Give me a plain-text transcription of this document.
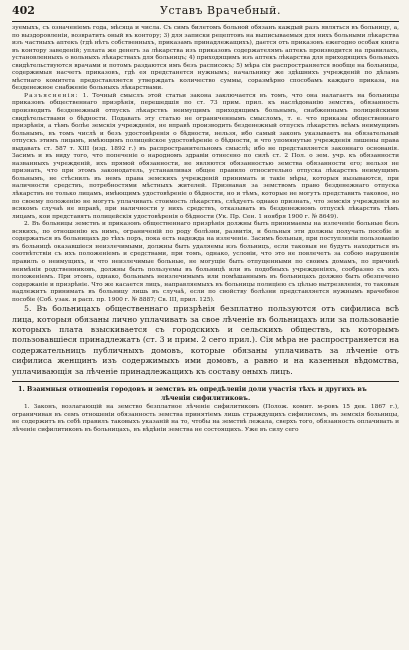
402	Уставъ Врачебный.

зуемыхъ, съ означеніемъ года, мѣсяца и числа. Съ симъ билетомъ больной обязанъ каждый разъ являться въ больницу, а, по выздоровленіи, возвратить оный въ контору; 3) для записки рецептовъ на выписываемыя для нихъ больными лѣкарства изъ частныхъ аптекъ (гдѣ нѣтъ собственныхъ, приказамъ принадлежащихъ), дается отъ приказовъ ежегодно особая книга въ контору заведеній; уплата же денегъ за лѣкарства изъ приказовъ содержателямъ аптекъ производится на правилахъ, установленныхъ о вольныхъ лѣкарствахъ для больницъ; 4) приходящимъ изъ аптекъ лѣкарства для приходящихъ больныхъ свидѣтельствуются врачами и потомъ раздаются имъ безъ расписокъ; 5) мѣра сія распространяется вообще на больницы, содержимыя насчетъ приказовъ, гдѣ ея предстанется нужнымъ; начальнику же здѣшнихъ учрежденій по дѣламъ мѣстнаго комитета предоставляется утверждать количество суммы, соразмѣрно способамъ каждаго приказа, на безденежное снабженіе больныхъ лѣкарствами.

Разъясненія: 1. Точный смыслъ этой статьи закона заключается въ томъ, что она налагаетъ на больницы приказовъ общественнаго призрѣнія, перешедшія по ст. 73 прим. прил. къ наслѣдованію земствъ, обязанность производить безденежный отпускъ лѣкарствъ неимущимъ приходящимъ больнымъ, снабженнымъ полицейскими свидѣтельствами о бѣдности. Подавать эту статью не ограниченнымъ смысломъ, т. е. что приказы общественнаго призрѣнія, а тѣмъ болѣе земскія учрежденія, не вправѣ производить безденежный отпускъ лѣкарствъ всѣмъ неимущимъ больнымъ, въ томъ числѣ и безъ удостовѣренія о бѣдности, нельзя, ибо самый законъ указываетъ на обязательный отпускъ этимъ лицамъ, имѣющимъ полицейское удостовѣреніе о бѣдности, и что упомянутые учрежденія лишены права выдавать ст. 587 т. XIII (изд. 1892 г.) въ распространительномъ смыслѣ; ибо не представляется законнаго основанія. Засимъ и въ виду того, что попеченіе о народномъ здравіи отнесено по силѣ ст. 2 Пол. о зем. учр. къ обязанности названныхъ учрежденій, ихъ прямой обязанности, не являются обязанностью земства обязанности его; нельзя не признать, что при этомъ законодатель, устанавливая общее правило относительно отпуска лѣкарствъ неимущимъ больнымъ, не стѣснилъ въ немъ права земскихъ учрежденій принимать и такіе мѣры, которыя вызываются, при наличности средствъ, потребностями мѣстныхъ жителей. Признавая за земствомъ право безденежнаго отпуска лѣкарствъ не только лицамъ, имѣющимъ удостовѣреніе о бѣдности, но и тѣмъ, которые не могутъ представить таковое, но по своему положенію не могутъ уплачивать стоимость лѣкарствъ, слѣдуетъ однако признать, что земскія учрежденія во всякомъ случаѣ не вправѣ, при наличности у нихъ средствъ, отказывать въ безденежномъ отпускѣ лѣкарствъ тѣмъ лицамъ, кои представятъ полицейскія удостовѣренія о бѣдности (Ук. Пр. Сен. 1 ноября 1900 г. № 8649).

2. Въ больницы земствъ и приказовъ общественнаго призрѣнія должны быть принимаемы на излеченіе больные безъ всякихъ, по отношенію къ нимъ, ограниченій по роду болѣзни, развитія, и больныя эти должны получать пособіе и содержаться въ больницахъ до тѣхъ поръ, пока есть надежда на излеченіе. Засимъ больныя, при поступленіи пользованію въ больницѣ оказавшіеся неизлечимыми, должны быть удаляемы изъ больницъ, если таковыя не будутъ находиться въ соотвѣтствіи съ ихъ положеніемъ и средствами, при томъ, однако, условіи, что это не повлечетъ за собою нарушенія правилъ о неимущихъ, и что неизлечимые больные, не могущіе быть отпущенными по своимъ домамъ, по причинѣ неимѣнія родственниковъ, должны быть пользуемы въ больницѣ или въ подобныхъ учрежденіяхъ, сообразно съ ихъ положеніемъ. При этомъ, однако, больнымъ неизлечимымъ или помѣшаннымъ въ больницахъ должно быть обезпечено содержаніе и призрѣніе. Что же касается лицъ, направляемыхъ въ больницы полиціею съ цѣлью вытрезвленія, то таковыя надлежитъ принимать въ больницу лишь въ случаѣ, если по свойству болѣзни представляется нужнымъ врачебное пособіе (Соб. узак. и расп. пр. 1900 г. № 8887; Св. III, прил. 125).

5. Въ больницахъ общественнаго призрѣнія безплатно пользуются отъ сифилиса всѣ лица, которыя обязаны лично уплачивать за свое лѣченіе въ больницахъ или за пользованіе которыхъ плата взыскивается съ городскихъ и сельскихъ обществъ, къ которымъ пользовавшіеся принадлежатъ (ст. 3 и прим. 2 сего прил.). Сія мѣра не распространяется на содержательницъ публичныхъ домовъ, которые обязаны уплачивать за лѣченіе отъ сифилиса женщинъ изъ содержимыхъ ими домовъ, а равно и на казенныя вѣдомства, уплачивающія за лѣченіе принадлежащихъ къ составу оныхъ лицъ.

1. Взаимныя отношенія городовъ и земствъ въ опредѣленіи доли участія тѣхъ и другихъ въ
лѣченіи сифилитиковъ.

1. Законъ, возлагающій на земство безплатное лѣченіе сифилитиковъ (Полож. комит. м-ровъ 15 дек. 1867 г.), ограничивая въ семъ отношеніи обязанность земства принятіемъ лишь страждущихъ сифилисомъ, въ земскія больницы, не содержитъ въ себѣ правилъ таковыхъ указаній на то, чтобы на земствѣ лежала, сверхъ того, обязанность оплачивать и лѣченіе сифилитиковъ въ больницахъ, въ вѣдѣніи земства не состоящихъ. Уже въ силу сего
